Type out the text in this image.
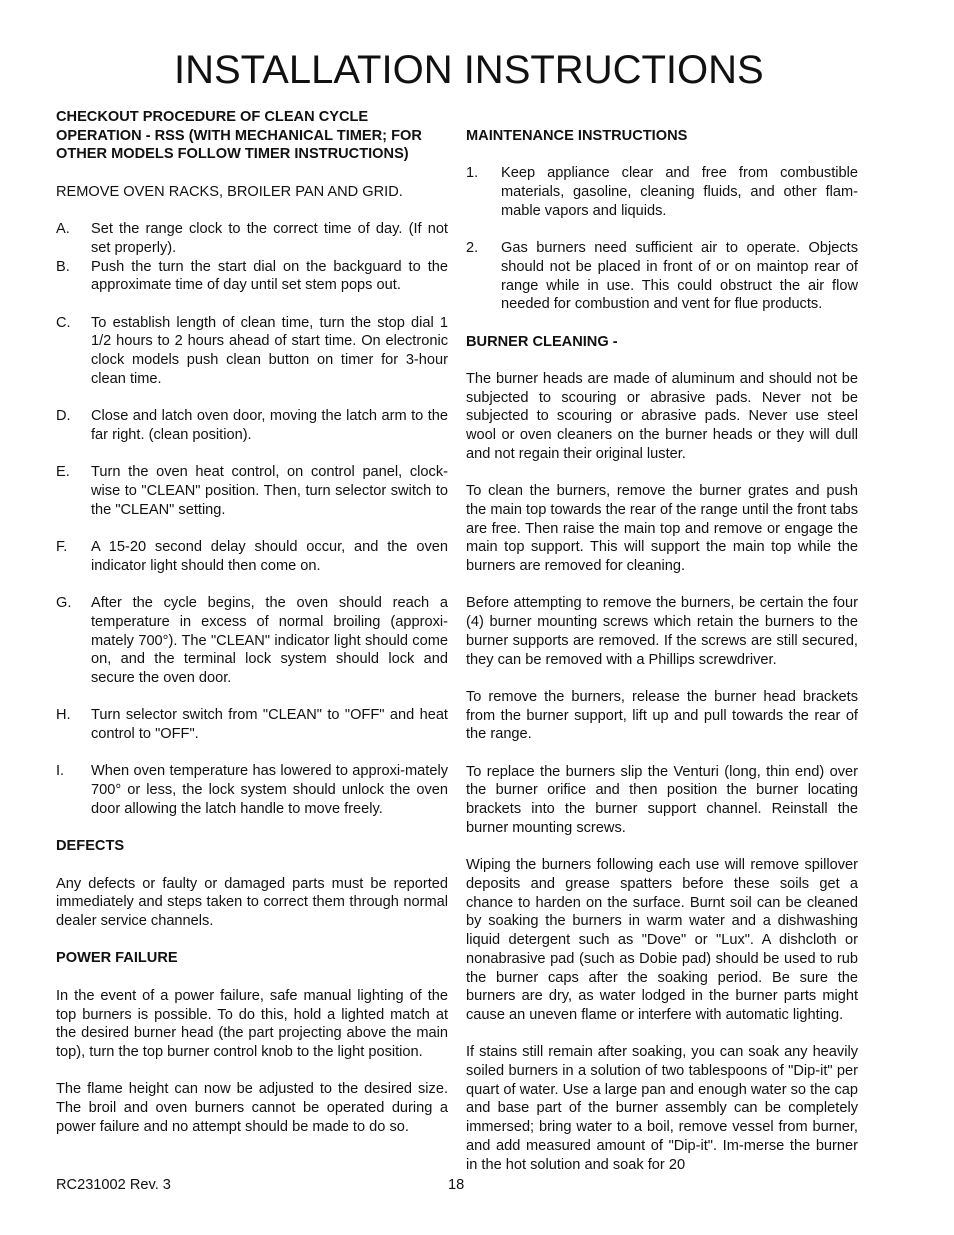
INSTALLATION INSTRUCTIONS
CHECKOUT PROCEDURE OF CLEAN CYCLE OPERATION - RSS (WITH MECHANICAL TIMER; FOR OTHER MODELS FOLLOW TIMER INSTRUCTIONS)

REMOVE OVEN RACKS, BROILER PAN AND GRID.

A.	Set the range clock to the correct time of day. (If not set properly).
B.	Push the turn the start dial on the backguard to the approximate time of day until set stem pops out.
C.	To establish length of clean time, turn the stop dial 1 1/2 hours to 2 hours ahead of start time. On electronic clock models push clean button on timer for 3-hour clean time.
D.	Close and latch oven door, moving the latch arm to the far right. (clean position).
E.	Turn the oven heat control, on control panel, clock-wise to "CLEAN" position. Then, turn selector switch to the "CLEAN" setting.
F.	A 15-20 second delay should occur, and the oven indicator light should then come on.
G.	After the cycle begins, the oven should reach a temperature in excess of normal broiling (approxi-mately 700°). The "CLEAN" indicator light should come on, and the terminal lock system should lock and secure the oven door.
H.	Turn selector switch from "CLEAN" to "OFF" and heat control to "OFF".
I.	When oven temperature has lowered to approxi-mately 700° or less, the lock system should unlock the oven door allowing the latch handle to move freely.
DEFECTS

Any defects or faulty or damaged parts must be reported immediately and steps taken to correct them through normal dealer service channels.

POWER FAILURE

In the event of a power failure, safe manual lighting of the top burners is possible. To do this, hold a lighted match at the desired burner head (the part projecting above the main top), turn the top burner control knob to the light position.

The flame height can now be adjusted to the desired size. The broil and oven burners cannot be operated during a power failure and no attempt should be made to do so.

MAINTENANCE INSTRUCTIONS
1.	Keep appliance clear and free from combustible materials, gasoline, cleaning fluids, and other flam-mable vapors and liquids.
2.	Gas burners need sufficient air to operate. Objects should not be placed in front of or on maintop rear of range while in use. This could obstruct the air flow needed for combustion and vent for flue products.
BURNER CLEANING -

The burner heads are made of aluminum and should not be subjected to scouring or abrasive pads. Never not be subjected to scouring or abrasive pads. Never use steel wool or oven cleaners on the burner heads or they will dull and not regain their original luster.

To clean the burners, remove the burner grates and push the main top towards the rear of the range until the front tabs are free. Then raise the main top and remove or engage the main top support. This will support the main top while the burners are removed for cleaning.

Before attempting to remove the burners, be certain the four (4) burner mounting screws which retain the burners to the burner supports are removed. If the screws are still secured, they can be removed with a Phillips screwdriver.

To remove the burners, release the burner head brackets from the burner support, lift up and pull towards the rear of the range.

To replace the burners slip the Venturi (long, thin end) over the burner orifice and then position the burner locating brackets into the burner support channel. Reinstall the burner mounting screws.

Wiping the burners following each use will remove spillover deposits and grease spatters before these soils get a chance to harden on the surface. Burnt soil can be cleaned by soaking the burners in warm water and a dishwashing liquid detergent such as "Dove" or "Lux". A dishcloth or nonabrasive pad (such as Dobie pad) should be used to rub the burner caps after the soaking period. Be sure the burners are dry, as water lodged in the burner parts might cause an uneven flame or interfere with automatic lighting.

If stains still remain after soaking, you can soak any heavily soiled burners in a solution of two tablespoons of "Dip-it" per quart of water. Use a large pan and enough water so the cap and base part of the burner assembly can be completely immersed; bring water to a boil, remove vessel from burner, and add measured amount of "Dip-it". Im-merse the burner in the hot solution and soak for 20

RC231002 Rev. 3	18
